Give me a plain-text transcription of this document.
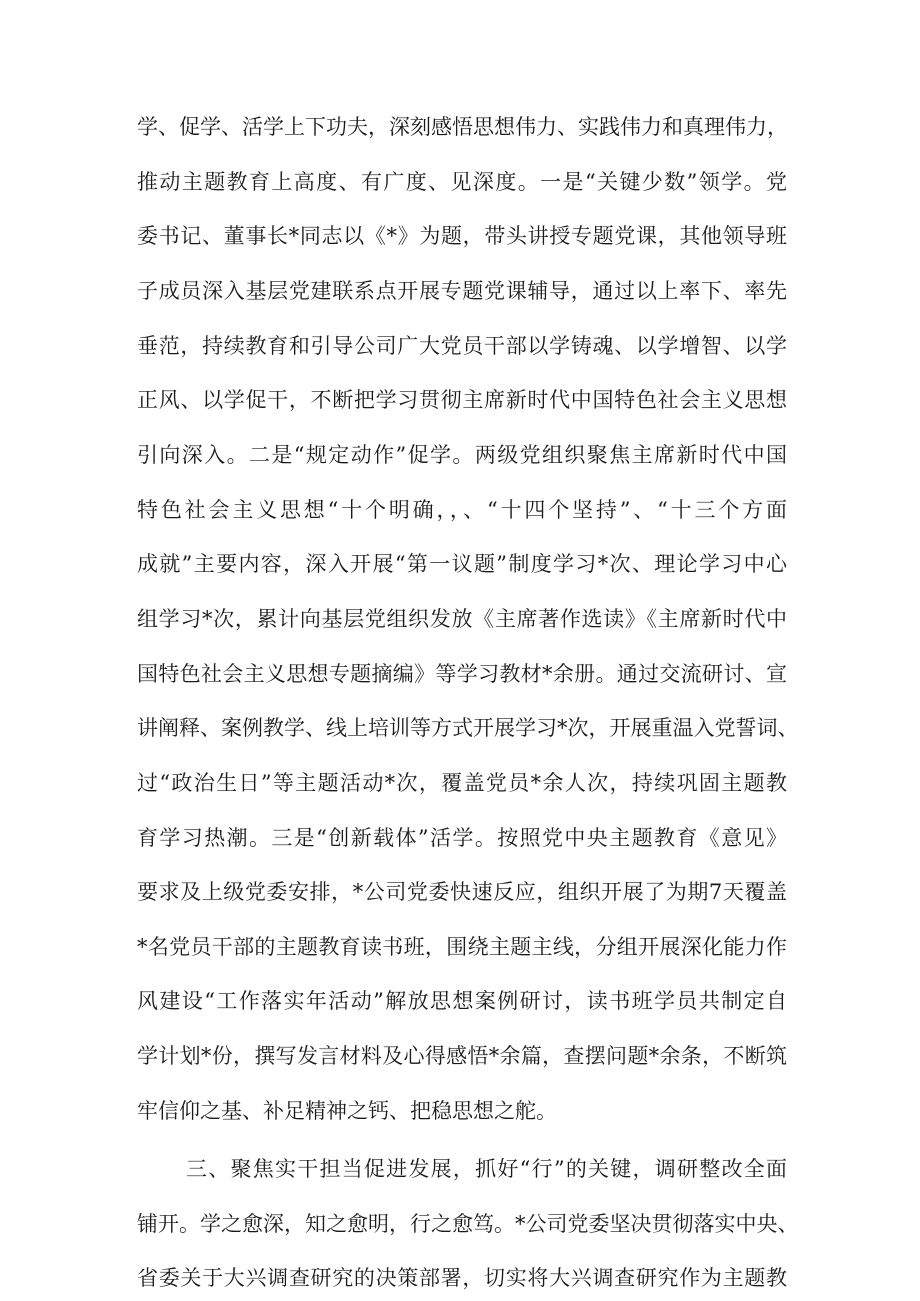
学、促学、活学上下功夫，深刻感悟思想伟力、实践伟力和真理伟力，
推动主题教育上高度、有广度、见深度。一是“关键少数”领学。党
委书记、董事长*同志以《*》为题，带头讲授专题党课，其他领导班
子成员深入基层党建联系点开展专题党课辅导，通过以上率下、率先
垂范，持续教育和引导公司广大党员干部以学铸魂、以学增智、以学
正风、以学促干，不断把学习贯彻主席新时代中国特色社会主义思想
引向深入。二是“规定动作”促学。两级党组织聚焦主席新时代中国
特色社会主义思想“十个明确，，、“十四个坚持”、“十三个方面
成就”主要内容，深入开展“第一议题”制度学习*次、理论学习中心
组学习*次，累计向基层党组织发放《主席著作选读》《主席新时代中
国特色社会主义思想专题摘编》等学习教材*余册。通过交流研讨、宣
讲阐释、案例教学、线上培训等方式开展学习*次，开展重温入党誓词、
过“政治生日”等主题活动*次，覆盖党员*余人次，持续巩固主题教
育学习热潮。三是“创新载体”活学。按照党中央主题教育《意见》
要求及上级党委安排，*公司党委快速反应，组织开展了为期7天覆盖
*名党员干部的主题教育读书班，围绕主题主线，分组开展深化能力作
风建设“工作落实年活动”解放思想案例研讨，读书班学员共制定自
学计划*份，撰写发言材料及心得感悟*余篇，查摆问题*余条，不断筑
牢信仰之基、补足精神之钙、把稳思想之舵。
三、聚焦实干担当促进发展，抓好“行”的关键，调研整改全面
铺开。学之愈深，知之愈明，行之愈笃。*公司党委坚决贯彻落实中央、
省委关于大兴调查研究的决策部署，切实将大兴调查研究作为主题教
